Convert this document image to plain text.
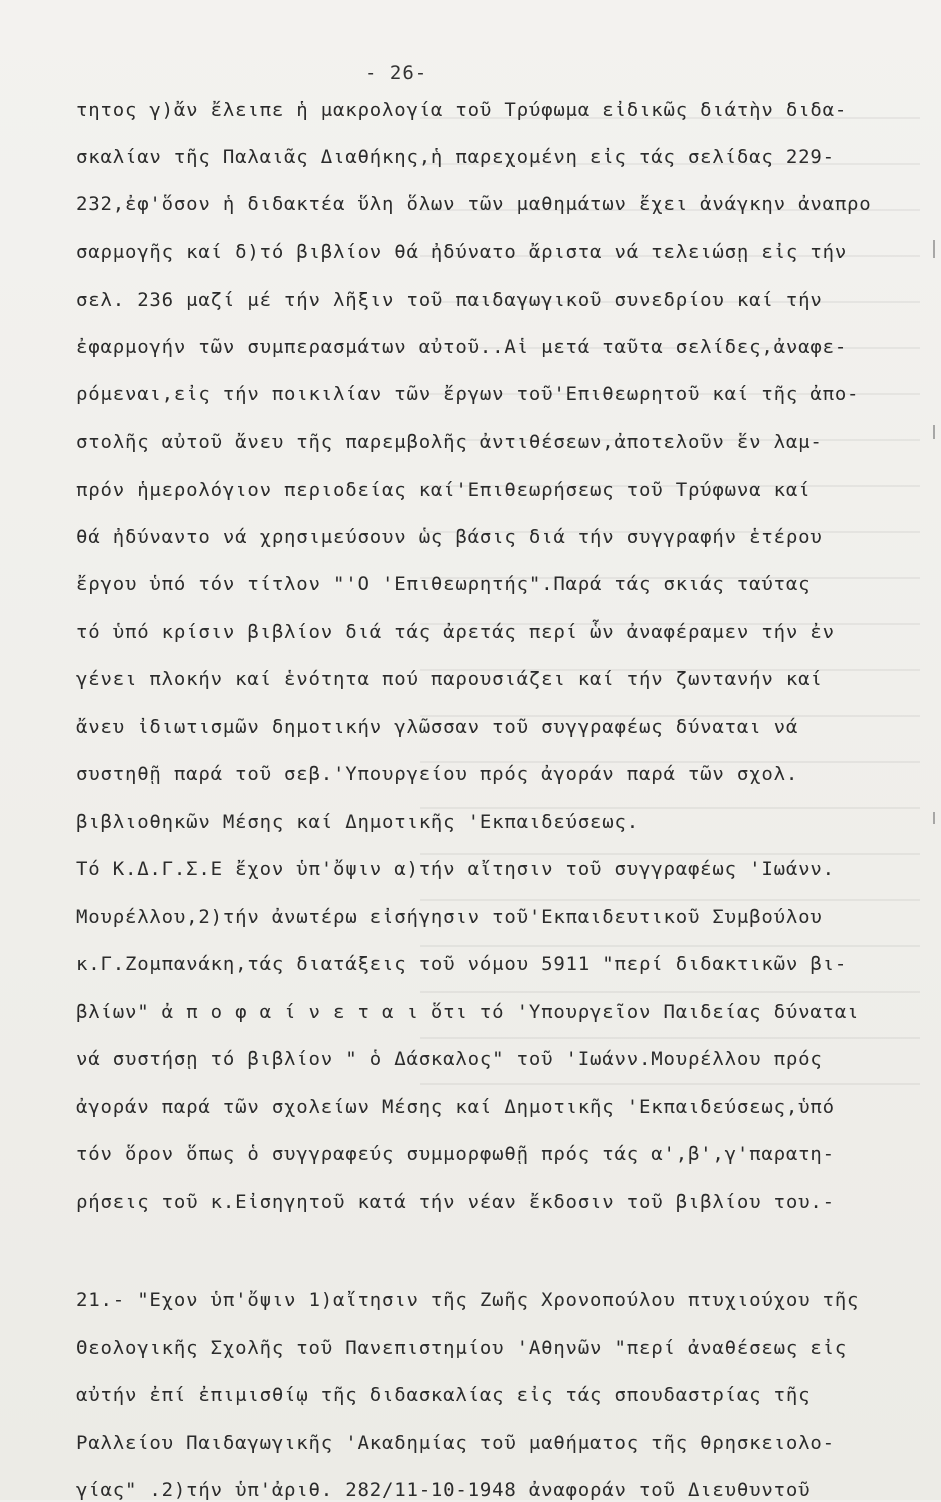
- 26-
τητος γ)ἄν ἔλειπε ἡ μακρολογία τοῦ Τρύφωμα εἰδικῶς διάτὴν διδα-
σκαλίαν τῆς Παλαιᾶς Διαθήκης,ἡ παρεχομένη εἰς τάς σελίδας 229-
232,ἐφ'ὅσον ἡ διδακτέα ὕλη ὅλων τῶν μαθημάτων ἔχει ἀνάγκην ἀναπρο
σαρμογῆς καί δ)τό βιβλίον θά ἠδύνατο ἄριστα νά τελειώσῃ εἰς τήν
σελ. 236 μαζί μέ τήν λῆξιν τοῦ παιδαγωγικοῦ συνεδρίου καί τήν
ἐφαρμογήν τῶν συμπερασμάτων αὐτοῦ..Αἱ μετά ταῦτα σελίδες,ἀναφε-
ρόμεναι,εἰς τήν ποικιλίαν τῶν ἔργων τοῦ'Επιθεωρητοῦ καί τῆς ἀπο-
στολῆς αὐτοῦ ἄνευ τῆς παρεμβολῆς ἀντιθέσεων,ἀποτελοῦν ἕν λαμ-
πρόν ἡμερολόγιον περιοδείας καί'Επιθεωρήσεως τοῦ Τρύφωνα καί
θά ἠδύναντο νά χρησιμεύσουν ὡς βάσις διά τήν συγγραφήν ἑτέρου
ἔργου ὑπό τόν τίτλον "'Ο 'Επιθεωρητής".Παρά τάς σκιάς ταύτας
τό ὑπό κρίσιν βιβλίον διά τάς ἀρετάς περί ὧν ἀναφέραμεν τήν ἐν
γένει πλοκήν καί ἑνότητα πού παρουσιάζει καί τήν ζωντανήν καί
ἄνευ ἰδιωτισμῶν δημοτικήν γλῶσσαν τοῦ συγγραφέως δύναται νά
συστηθῇ παρά τοῦ σεβ.'Υπουργείου πρός ἀγοράν παρά τῶν σχολ.
βιβλιοθηκῶν Μέσης καί Δημοτικῆς 'Εκπαιδεύσεως.
Τό Κ.Δ.Γ.Σ.Ε ἔχον ὑπ'ὄψιν α)τήν αἴτησιν τοῦ συγγραφέως 'Ιωάνν.
Μουρέλλου,2)τήν ἀνωτέρω εἰσήγησιν τοῦ'Εκπαιδευτικοῦ Συμβούλου
κ.Γ.Ζομπανάκη,τάς διατάξεις τοῦ νόμου 5911 "περί διδακτικῶν βι-
βλίων" ἀ π ο φ α ί ν ε τ α ι ὅτι τό 'Υπουργεῖον Παιδείας δύναται
νά συστήσῃ τό βιβλίον " ὁ Δάσκαλος" τοῦ 'Ιωάνν.Μουρέλλου πρός
ἀγοράν παρά τῶν σχολείων Μέσης καί Δημοτικῆς 'Εκπαιδεύσεως,ὑπό
τόν ὅρον ὅπως ὁ συγγραφεύς συμμορφωθῇ πρός τάς α',β',γ'παρατη-
ρήσεις τοῦ κ.Εἰσηγητοῦ κατά τήν νέαν ἔκδοσιν τοῦ βιβλίου του.-
21.- "Εχον ὑπ'ὄψιν 1)αἴτησιν τῆς Ζωῆς Χρονοπούλου πτυχιούχου τῆς
Θεολογικῆς Σχολῆς τοῦ Πανεπιστημίου 'Αθηνῶν "περί ἀναθέσεως εἰς
αὐτήν ἐπί ἐπιμισθίῳ τῆς διδασκαλίας εἰς τάς σπουδαστρίας τῆς
Ραλλείου Παιδαγωγικῆς 'Ακαδημίας τοῦ μαθήματος τῆς θρησκειολο-
γίας" .2)τήν ὑπ'ἀριθ. 282/11-10-1948 ἀναφοράν τοῦ Διευθυντοῦ
